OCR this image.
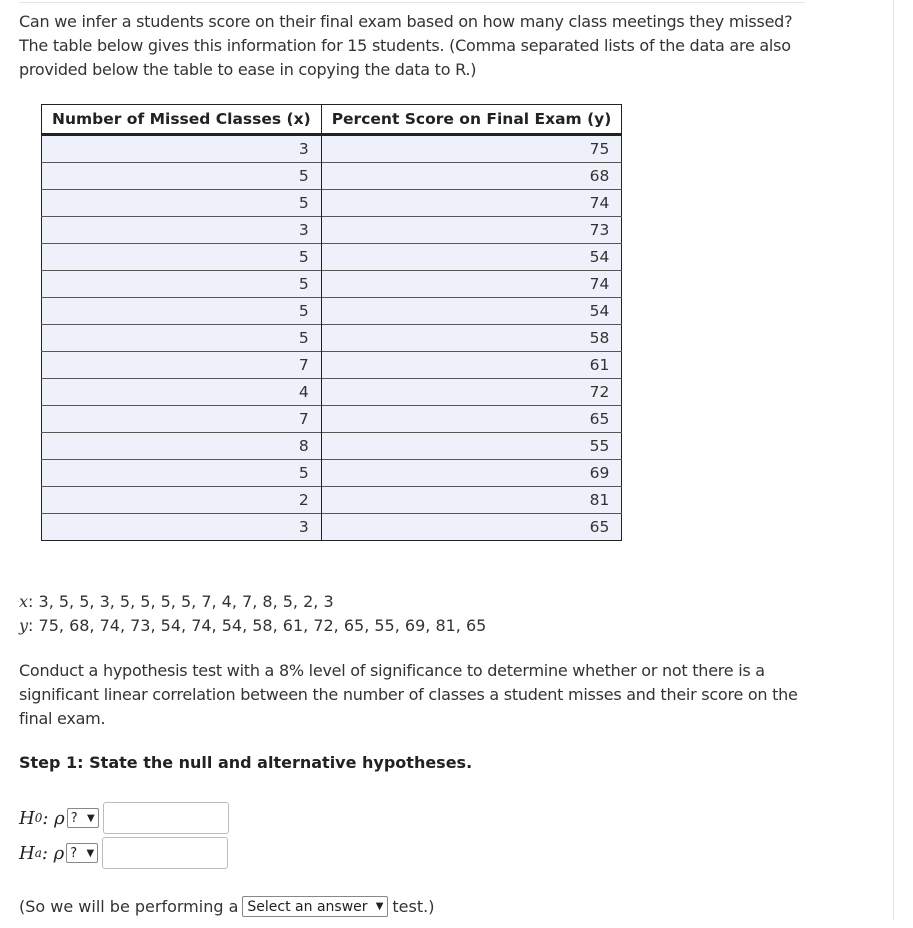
Can we infer a students score on their final exam based on how many class meetings they missed? The table below gives this information for 15 students. (Comma separated lists of the data are also provided below the table to ease in copying the data to R.)
Number of Missed Classes (x)	Percent Score on Final Exam (y)
3	75
5	68
5	74
3	73
5	54
5	74
5	54
5	58
7	61
4	72
7	65
8	55
5	69
2	81
3	65
x: 3, 5, 5, 3, 5, 5, 5, 5, 7, 4, 7, 8, 5, 2, 3
y: 75, 68, 74, 73, 54, 74, 54, 58, 61, 72, 65, 55, 69, 81, 65
Conduct a hypothesis test with a 8% level of significance to determine whether or not there is a significant linear correlation between the number of classes a student misses and their score on the final exam.
Step 1: State the null and alternative hypotheses.
H 0 : ρ ? ▼
H a : ρ ? ▼
(So we will be performing a Select an answer ▼ test.)
